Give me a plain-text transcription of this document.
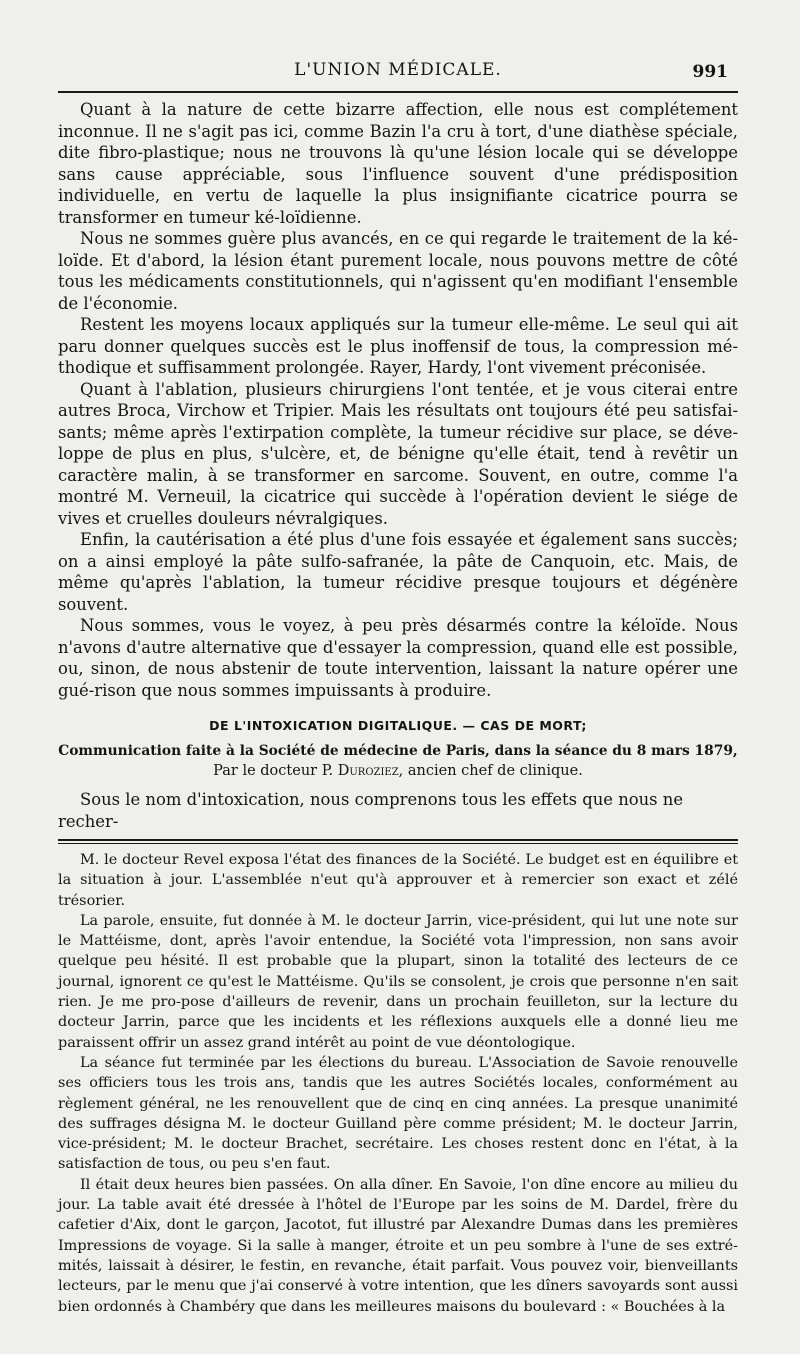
L'UNION MÉDICALE.	991

Quant à la nature de cette bizarre affection, elle nous est complétement inconnue. Il ne s'agit pas ici, comme Bazin l'a cru à tort, d'une diathèse spéciale, dite fibro-plastique; nous ne trouvons là qu'une lésion locale qui se développe sans cause appréciable, sous l'influence souvent d'une prédisposition individuelle, en vertu de laquelle la plus insignifiante cicatrice pourra se transformer en tumeur ké-loïdienne.

Nous ne sommes guère plus avancés, en ce qui regarde le traitement de la ké-loïde. Et d'abord, la lésion étant purement locale, nous pouvons mettre de côté tous les médicaments constitutionnels, qui n'agissent qu'en modifiant l'ensemble de l'économie.

Restent les moyens locaux appliqués sur la tumeur elle-même. Le seul qui ait paru donner quelques succès est le plus inoffensif de tous, la compression mé-thodique et suffisamment prolongée. Rayer, Hardy, l'ont vivement préconisée.

Quant à l'ablation, plusieurs chirurgiens l'ont tentée, et je vous citerai entre autres Broca, Virchow et Tripier. Mais les résultats ont toujours été peu satisfai-sants; même après l'extirpation complète, la tumeur récidive sur place, se déve-loppe de plus en plus, s'ulcère, et, de bénigne qu'elle était, tend à revêtir un caractère malin, à se transformer en sarcome. Souvent, en outre, comme l'a montré M. Verneuil, la cicatrice qui succède à l'opération devient le siége de vives et cruelles douleurs névralgiques.

Enfin, la cautérisation a été plus d'une fois essayée et également sans succès; on a ainsi employé la pâte sulfo-safranée, la pâte de Canquoin, etc. Mais, de même qu'après l'ablation, la tumeur récidive presque toujours et dégénère souvent.

Nous sommes, vous le voyez, à peu près désarmés contre la kéloïde. Nous n'avons d'autre alternative que d'essayer la compression, quand elle est possible, ou, sinon, de nous abstenir de toute intervention, laissant la nature opérer une gué-rison que nous sommes impuissants à produire.

DE L'INTOXICATION DIGITALIQUE. — CAS DE MORT;

Communication faite à la Société de médecine de Paris, dans la séance du 8 mars 1879,

Par le docteur P. Duroziez, ancien chef de clinique.

Sous le nom d'intoxication, nous comprenons tous les effets que nous ne recher-

M. le docteur Revel exposa l'état des finances de la Société. Le budget est en équilibre et la situation à jour. L'assemblée n'eut qu'à approuver et à remercier son exact et zélé trésorier.

La parole, ensuite, fut donnée à M. le docteur Jarrin, vice-président, qui lut une note sur le Mattéisme, dont, après l'avoir entendue, la Société vota l'impression, non sans avoir quelque peu hésité. Il est probable que la plupart, sinon la totalité des lecteurs de ce journal, ignorent ce qu'est le Mattéisme. Qu'ils se consolent, je crois que personne n'en sait rien. Je me pro-pose d'ailleurs de revenir, dans un prochain feuilleton, sur la lecture du docteur Jarrin, parce que les incidents et les réflexions auxquels elle a donné lieu me paraissent offrir un assez grand intérêt au point de vue déontologique.

La séance fut terminée par les élections du bureau. L'Association de Savoie renouvelle ses officiers tous les trois ans, tandis que les autres Sociétés locales, conformément au règlement général, ne les renouvellent que de cinq en cinq années. La presque unanimité des suffrages désigna M. le docteur Guilland père comme président; M. le docteur Jarrin, vice-président; M. le docteur Brachet, secrétaire. Les choses restent donc en l'état, à la satisfaction de tous, ou peu s'en faut.

Il était deux heures bien passées. On alla dîner. En Savoie, l'on dîne encore au milieu du jour. La table avait été dressée à l'hôtel de l'Europe par les soins de M. Dardel, frère du cafetier d'Aix, dont le garçon, Jacotot, fut illustré par Alexandre Dumas dans les premières Impressions de voyage. Si la salle à manger, étroite et un peu sombre à l'une de ses extré-mités, laissait à désirer, le festin, en revanche, était parfait. Vous pouvez voir, bienveillants lecteurs, par le menu que j'ai conservé à votre intention, que les dîners savoyards sont aussi bien ordonnés à Chambéry que dans les meilleures maisons du boulevard : « Bouchées à la
